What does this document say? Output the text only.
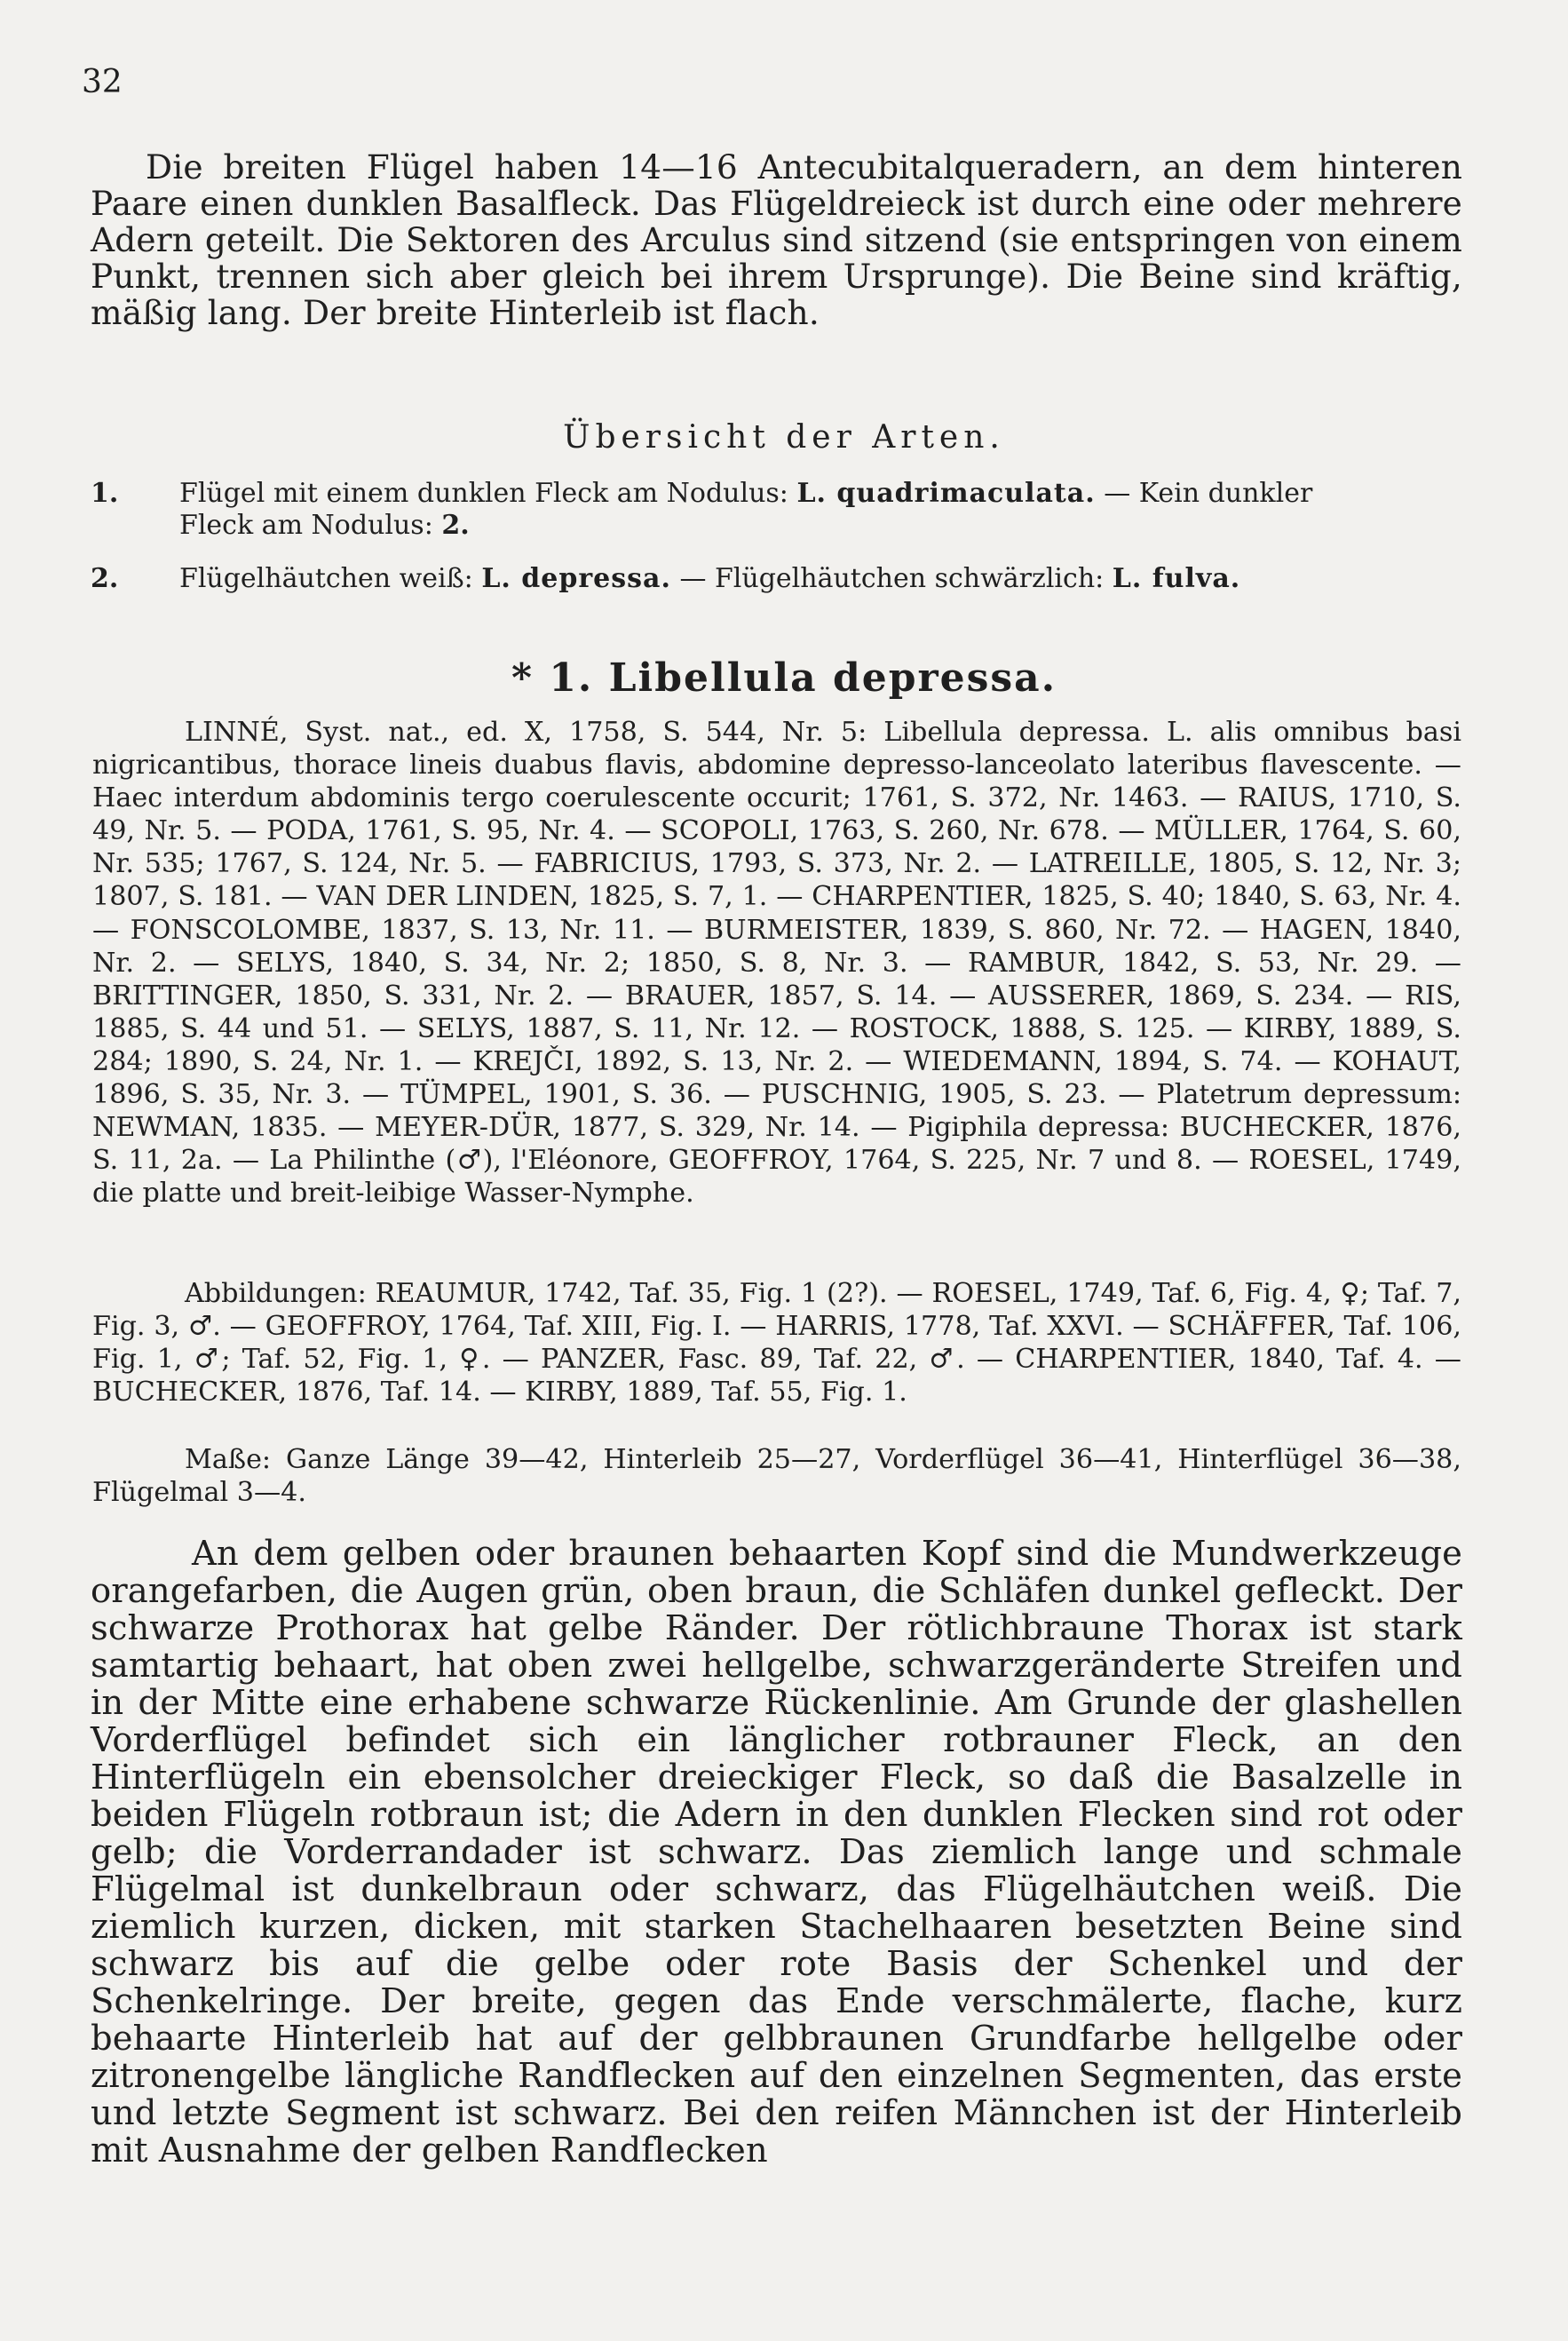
32

Die breiten Flügel haben 14—16 Antecubitalqueradern, an dem hinteren Paare einen dunklen Basalfleck. Das Flügeldreieck ist durch eine oder mehrere Adern geteilt. Die Sektoren des Arculus sind sitzend (sie entspringen von einem Punkt, trennen sich aber gleich bei ihrem Ursprunge). Die Beine sind kräftig, mäßig lang. Der breite Hinterleib ist flach.

Übersicht der Arten.
1. Flügel mit einem dunklen Fleck am Nodulus: L. quadrimaculata. — Kein dunkler
Fleck am Nodulus: 2.
2. Flügelhäutchen weiß: L. depressa. — Flügelhäutchen schwärzlich: L. fulva.
* 1. Libellula depressa.

LINNÉ, Syst. nat., ed. X, 1758, S. 544, Nr. 5: Libellula depressa. L. alis omnibus basi nigricantibus, thorace lineis duabus flavis, abdomine depresso-lanceolato lateribus flavescente. — Haec interdum abdominis tergo coerulescente occurit; 1761, S. 372, Nr. 1463. — RAIUS, 1710, S. 49, Nr. 5. — PODA, 1761, S. 95, Nr. 4. — SCOPOLI, 1763, S. 260, Nr. 678. — MÜLLER, 1764, S. 60, Nr. 535; 1767, S. 124, Nr. 5. — FABRICIUS, 1793, S. 373, Nr. 2. — LATREILLE, 1805, S. 12, Nr. 3; 1807, S. 181. — VAN DER LINDEN, 1825, S. 7, 1. — CHARPENTIER, 1825, S. 40; 1840, S. 63, Nr. 4. — FONSCOLOMBE, 1837, S. 13, Nr. 11. — BURMEISTER, 1839, S. 860, Nr. 72. — HAGEN, 1840, Nr. 2. — SELYS, 1840, S. 34, Nr. 2; 1850, S. 8, Nr. 3. — RAMBUR, 1842, S. 53, Nr. 29. — BRITTINGER, 1850, S. 331, Nr. 2. — BRAUER, 1857, S. 14. — AUSSERER, 1869, S. 234. — RIS, 1885, S. 44 und 51. — SELYS, 1887, S. 11, Nr. 12. — ROSTOCK, 1888, S. 125. — KIRBY, 1889, S. 284; 1890, S. 24, Nr. 1. — KREJČI, 1892, S. 13, Nr. 2. — WIEDEMANN, 1894, S. 74. — KOHAUT, 1896, S. 35, Nr. 3. — TÜMPEL, 1901, S. 36. — PUSCHNIG, 1905, S. 23. — Platetrum depressum: NEWMAN, 1835. — MEYER-DÜR, 1877, S. 329, Nr. 14. — Pigiphila depressa: BUCHECKER, 1876, S. 11, 2a. — La Philinthe (♂), l'Eléonore, GEOFFROY, 1764, S. 225, Nr. 7 und 8. — ROESEL, 1749, die platte und breit-leibige Wasser-Nymphe.

Abbildungen: REAUMUR, 1742, Taf. 35, Fig. 1 (2?). — ROESEL, 1749, Taf. 6, Fig. 4, ♀; Taf. 7, Fig. 3, ♂. — GEOFFROY, 1764, Taf. XIII, Fig. I. — HARRIS, 1778, Taf. XXVI. — SCHÄFFER, Taf. 106, Fig. 1, ♂; Taf. 52, Fig. 1, ♀. — PANZER, Fasc. 89, Taf. 22, ♂. — CHARPENTIER, 1840, Taf. 4. — BUCHECKER, 1876, Taf. 14. — KIRBY, 1889, Taf. 55, Fig. 1.

Maße: Ganze Länge 39—42, Hinterleib 25—27, Vorderflügel 36—41, Hinterflügel 36—38, Flügelmal 3—4.

An dem gelben oder braunen behaarten Kopf sind die Mundwerkzeuge orangefarben, die Augen grün, oben braun, die Schläfen dunkel gefleckt. Der schwarze Prothorax hat gelbe Ränder. Der rötlichbraune Thorax ist stark samtartig behaart, hat oben zwei hellgelbe, schwarzgeränderte Streifen und in der Mitte eine erhabene schwarze Rückenlinie. Am Grunde der glashellen Vorderflügel befindet sich ein länglicher rotbrauner Fleck, an den Hinterflügeln ein ebensolcher dreieckiger Fleck, so daß die Basalzelle in beiden Flügeln rotbraun ist; die Adern in den dunklen Flecken sind rot oder gelb; die Vorderrandader ist schwarz. Das ziemlich lange und schmale Flügelmal ist dunkelbraun oder schwarz, das Flügelhäutchen weiß. Die ziemlich kurzen, dicken, mit starken Stachelhaaren besetzten Beine sind schwarz bis auf die gelbe oder rote Basis der Schenkel und der Schenkelringe. Der breite, gegen das Ende verschmälerte, flache, kurz behaarte Hinterleib hat auf der gelbbraunen Grundfarbe hellgelbe oder zitronengelbe längliche Randflecken auf den einzelnen Segmenten, das erste und letzte Segment ist schwarz. Bei den reifen Männchen ist der Hinterleib mit Ausnahme der gelben Randflecken
